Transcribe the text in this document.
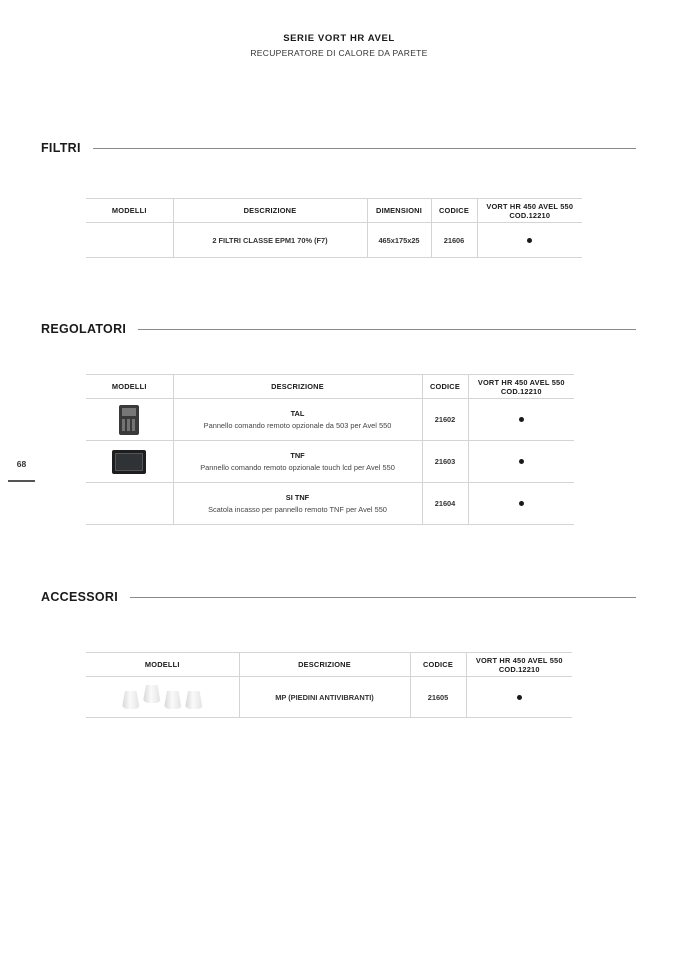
SERIE VORT HR AVEL
RECUPERATORE DI CALORE DA PARETE
FILTRI
MODELLI	DESCRIZIONE	DIMENSIONI	CODICE	VORT HR 450 AVEL 550
COD.12210

	2 FILTRI CLASSE EPM1 70% (F7)	465x175x25	21606	
REGOLATORI
MODELLI	DESCRIZIONE	CODICE	VORT HR 450 AVEL 550
COD.12210

	TAL
Pannello comando remoto opzionale da 503 per Avel 550	21602	

	TNF
Pannello comando remoto opzionale touch lcd per Avel 550	21603	

	SI TNF
Scatola incasso per pannello remoto TNF per Avel 550	21604	
68
ACCESSORI
MODELLI	DESCRIZIONE	CODICE	VORT HR 450 AVEL 550
COD.12210

	MP (PIEDINI ANTIVIBRANTI)	21605	
